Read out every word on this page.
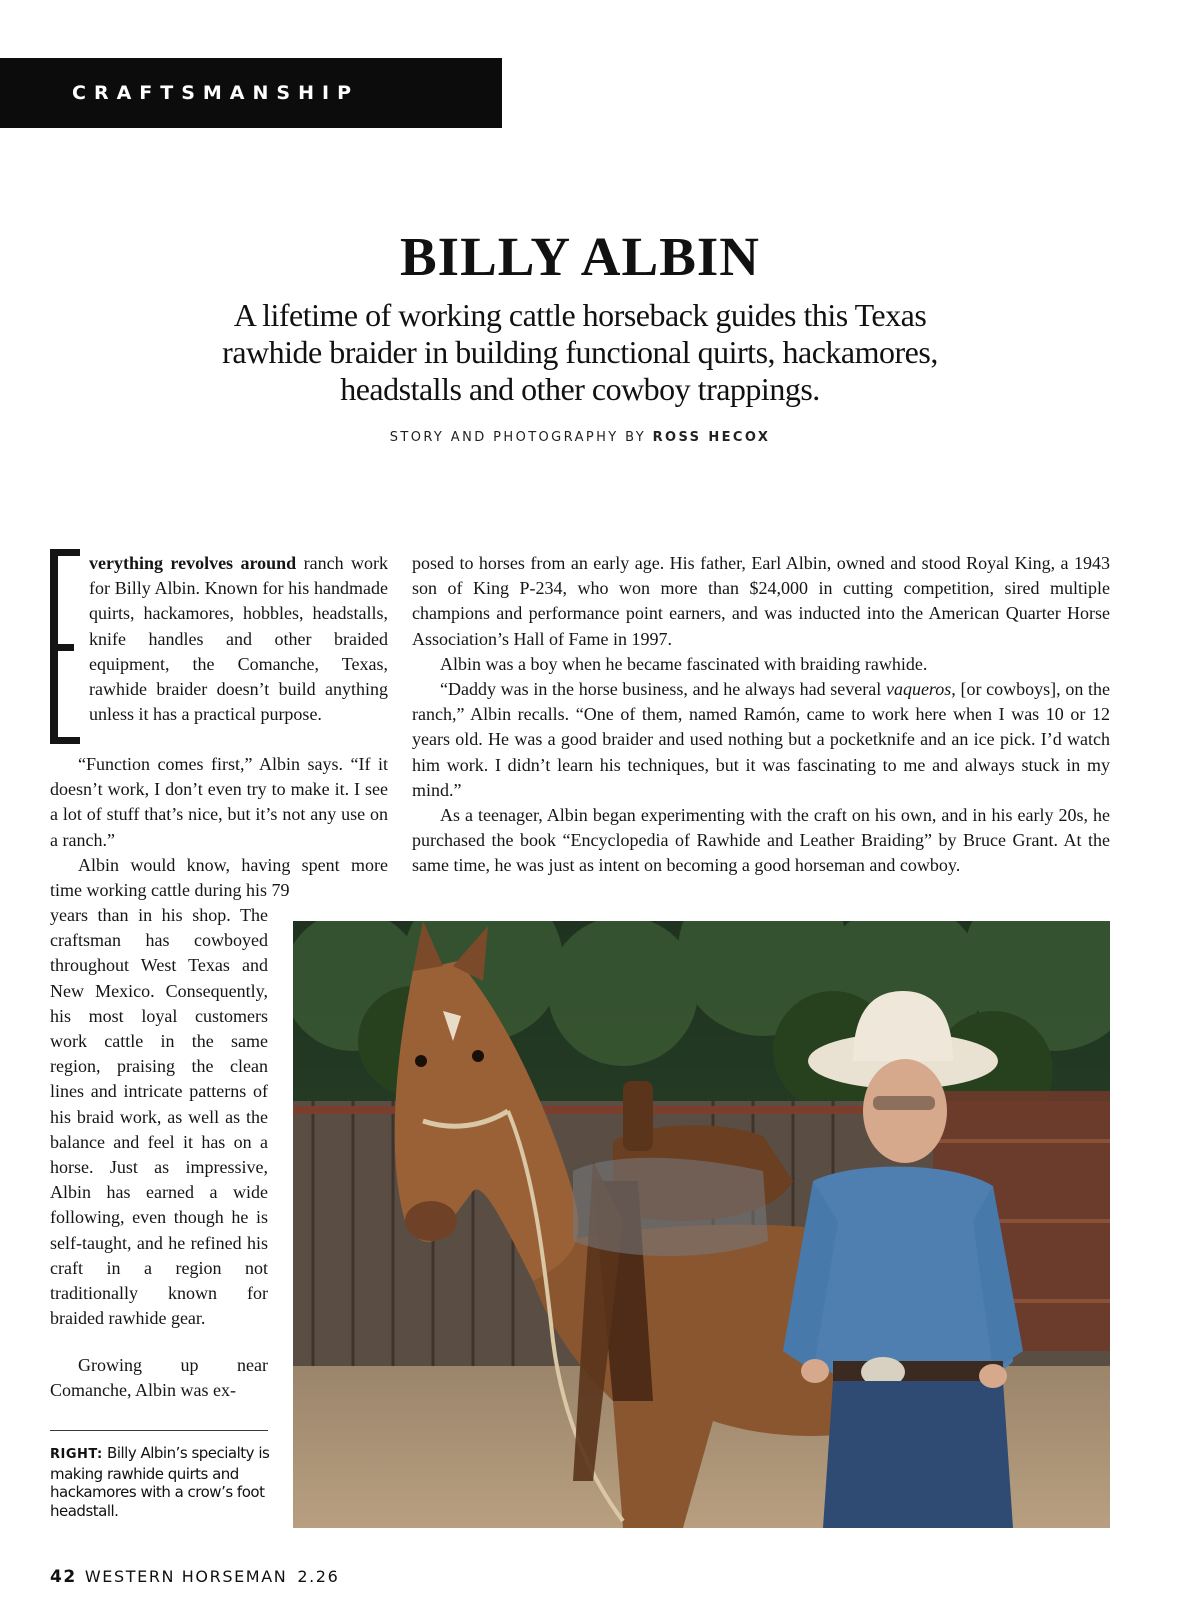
CRAFTSMANSHIP
BILLY ALBIN

A lifetime of working cattle horseback guides this Texas rawhide braider in building functional quirts, hackamores, headstalls and other cowboy trappings.

STORY AND PHOTOGRAPHY BY ROSS HECOX

verything revolves around ranch work for Billy Albin. Known for his handmade quirts, hackamores, hobbles, headstalls, knife handles and other braided equipment, the Comanche, Texas, rawhide braider doesn’t build anything unless it has a practical purpose.

“Function comes first,” Albin says. “If it doesn’t work, I don’t even try to make it. I see a lot of stuff that’s nice, but it’s not any use on a ranch.”

Albin would know, having spent more time working cattle during his 79

years than in his shop. The craftsman has cowboyed throughout West Texas and New Mexico. Consequently, his most loyal customers work cattle in the same region, praising the clean lines and intricate patterns of his braid work, as well as the balance and feel it has on a horse. Just as impressive, Albin has earned a wide following, even though he is self-taught, and he refined his craft in a region not traditionally known for braided rawhide gear.

Growing up near Comanche, Albin was ex-

posed to horses from an early age. His father, Earl Albin, owned and stood Royal King, a 1943 son of King P-234, who won more than $24,000 in cutting competition, sired multiple champions and performance point earners, and was inducted into the American Quarter Horse Association’s Hall of Fame in 1997.

Albin was a boy when he became fascinated with braiding rawhide.

“Daddy was in the horse business, and he always had several vaqueros, [or cowboys], on the ranch,” Albin recalls. “One of them, named Ramón, came to work here when I was 10 or 12 years old. He was a good braider and used nothing but a pocketknife and an ice pick. I’d watch him work. I didn’t learn his techniques, but it was fascinating to me and always stuck in my mind.”

As a teenager, Albin began experimenting with the craft on his own, and in his early 20s, he purchased the book “Encyclopedia of Rawhide and Leather Braiding” by Bruce Grant. At the same time, he was just as intent on becoming a good horseman and cowboy.

RIGHT: Billy Albin’s specialty is making rawhide quirts and hackamores with a crow’s foot headstall.

42 WESTERN HORSEMAN 2.26
